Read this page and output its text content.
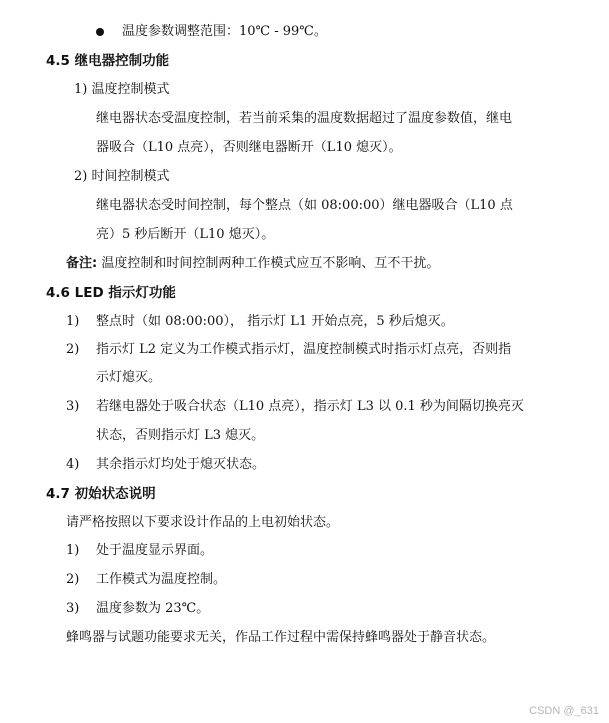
温度参数调整范围：10℃ - 99℃。
4.5 继电器控制功能
1) 温度控制模式
继电器状态受温度控制，若当前采集的温度数据超过了温度参数值，继电
器吸合（L10 点亮），否则继电器断开（L10 熄灭）。
2) 时间控制模式
继电器状态受时间控制，每个整点（如 08:00:00）继电器吸合（L10 点
亮）5 秒后断开（L10 熄灭）。
备注: 温度控制和时间控制两种工作模式应互不影响、互不干扰。
4.6 LED 指示灯功能
1) 整点时（如 08:00:00）， 指示灯 L1 开始点亮，5 秒后熄灭。
2) 指示灯 L2 定义为工作模式指示灯，温度控制模式时指示灯点亮，否则指
示灯熄灭。
3) 若继电器处于吸合状态（L10 点亮），指示灯 L3 以 0.1 秒为间隔切换亮灭
状态，否则指示灯 L3 熄灭。
4) 其余指示灯均处于熄灭状态。
4.7 初始状态说明
请严格按照以下要求设计作品的上电初始状态。
1) 处于温度显示界面。
2) 工作模式为温度控制。
3) 温度参数为 23℃。
蜂鸣器与试题功能要求无关，作品工作过程中需保持蜂鸣器处于静音状态。
CSDN @_631
